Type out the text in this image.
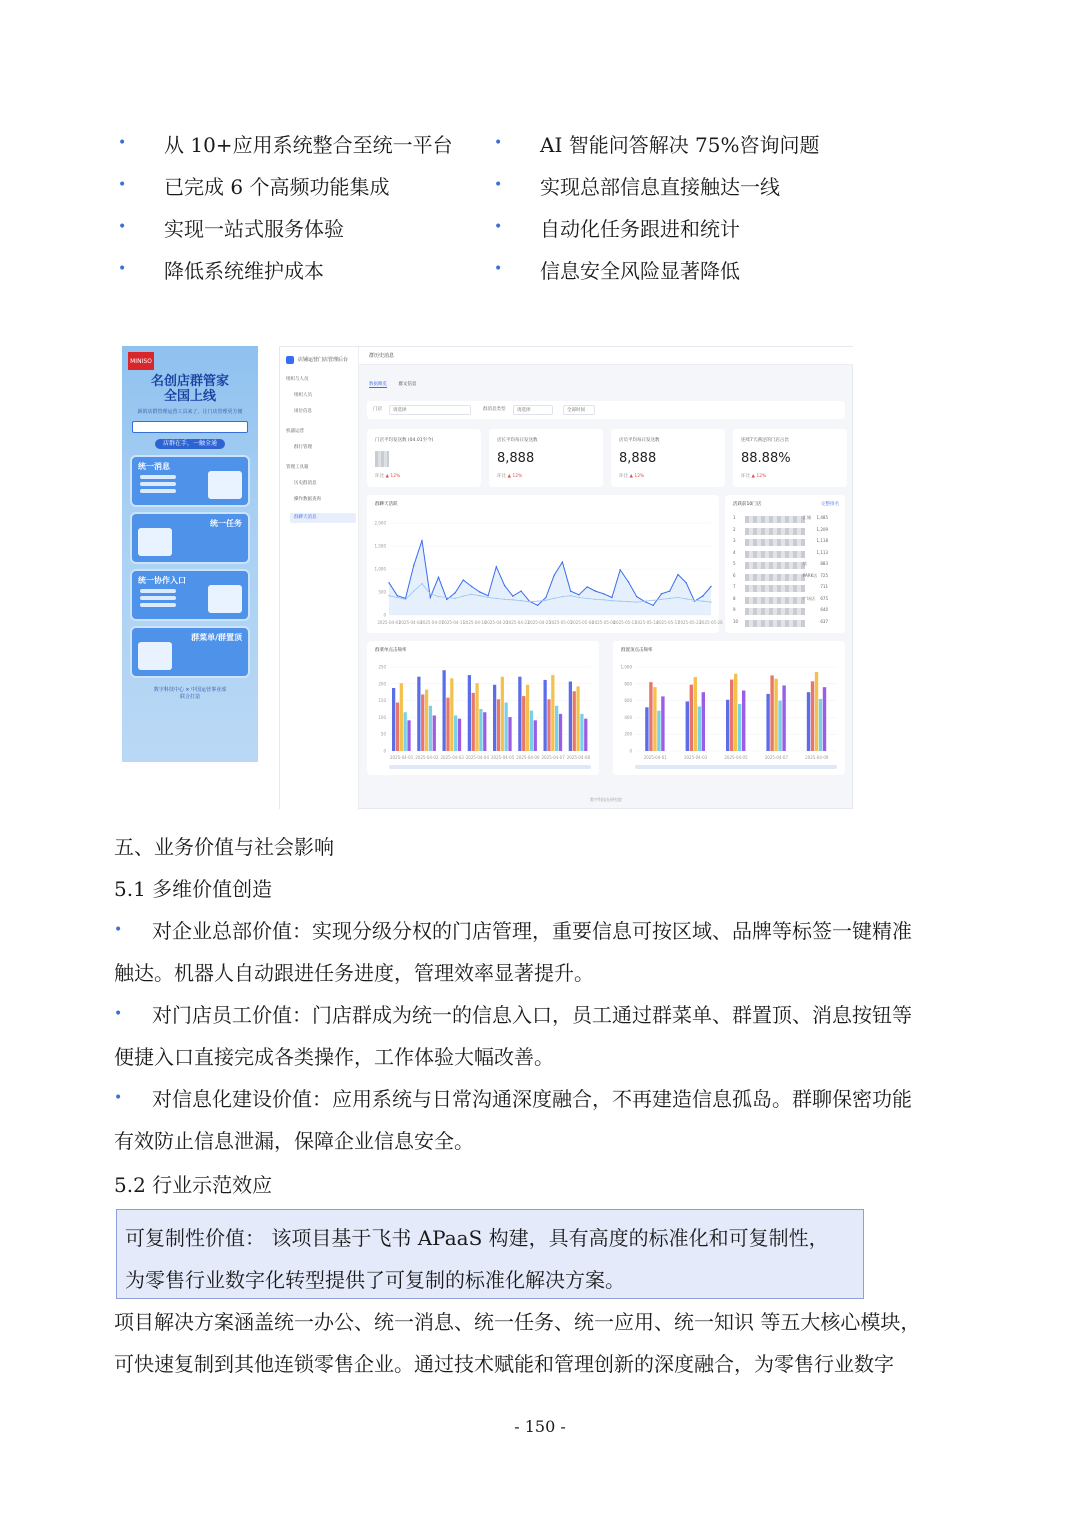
•	从 10+应用系统整合至统一平台	•	AI 智能问答解决 75%咨询问题
•	已完成 6 个高频功能集成	•	实现总部信息直接触达一线
•	实现一站式服务体验	•	自动化任务跟进和统计
•	降低系统维护成本	•	信息安全风险显著降低
MINISO
名创店群管家
全国上线
新的店群管理运营工具来了，让门店管理更方便
店群在手，一触全通
统一消息
统一任务
统一协作入口
群菜单/群置顶
数字科技中心 × 中国运营事业部
联合打造
店铺运营门店管理后台
组织与人员
组织人员
岗位信息
机器运营
群行管理
管理工具箱
历史群消息
操作数据查询
群聊天消息
群历史消息
数据概览	群文信息
门店	请选择	群消息类型	请选择	全部时间
门店平均发送数 (04.01至今)
环比 ▲ 12%
店长平均每日发送数
8,888
环比 ▲ 12%
店员平均每日发送数
8,888
环比 ▲ 12%
连续7天满足的门店占比
88.88%
环比 ▲ 12%
群聊天活跃
2,000
1,500
1,000
500
0
2025-04-01
2025-04-04
2025-04-07
2025-04-11
2025-04-16
2025-04-20
2025-04-23
2025-04-25
2025-05-01
2025-05-04
2025-05-08
2025-05-11
2025-05-14
2025-05-17
2025-05-23
2025-05-26
活跃前10门店	完整排名
1	汇城 1,485
2	1,209
3	1,118
4	1,113
5	店	883
6	PARK店 725
7	711
8	广场店 675
9	640
10	637
群菜单点击频率
250
200
150
100
50
0
2025-04-01 2025-04-02 2025-04-03 2025-04-04 2025-04-05 2025-04-06 2025-04-07 2025-04-08
群置顶点击频率
1,000
800
600
400
200
0
2025-04-01	2025-04-03	2025-04-05	2025-04-07	2025-04-09
数字科技在研究院
五、业务价值与社会影响
5.1 多维价值创造
• 对企业总部价值：实现分级分权的门店管理，重要信息可按区域、品牌等标签一键精准
触达。机器人自动跟进任务进度，管理效率显著提升。
• 对门店员工价值：门店群成为统一的信息入口，员工通过群菜单、群置顶、消息按钮等
便捷入口直接完成各类操作，工作体验大幅改善。
• 对信息化建设价值：应用系统与日常沟通深度融合，不再建造信息孤岛。群聊保密功能
有效防止信息泄漏，保障企业信息安全。
5.2 行业示范效应
可复制性价值： 该项目基于飞书 APaaS 构建，具有高度的标准化和可复制性，
为零售行业数字化转型提供了可复制的标准化解决方案。
项目解决方案涵盖统一办公、统一消息、统一任务、统一应用、统一知识 等五大核心模块，
可快速复制到其他连锁零售企业。通过技术赋能和管理创新的深度融合，为零售行业数字
- 150 -
